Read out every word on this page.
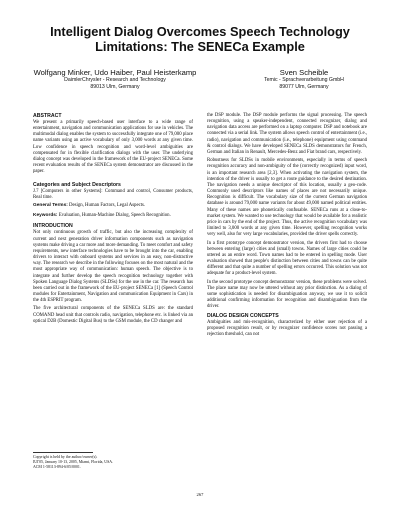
Intelligent Dialog Overcomes Speech Technology
Limitations: The SENECa Example
Wolfgang Minker, Udo Haiber, Paul Heisterkamp
DaimlerChrysler - Research and Technology
89013 Ulm, Germany
Sven Scheible
Temic - Sprachverarbeitung GmbH
89077 Ulm, Germany
ABSTRACT

We present a primarily speech-based user interface to a wide range of entertainment, navigation and communication applications for use in vehicles. The multimodal dialog enables the system to successfully integrate one of 79,000 place name variants using an active vocabulary of only 3,000 words at any given time. Low confidence in speech recognition and word-level ambiguities are compensated for in flexible clarification dialogs with the user. The underlying dialog concept was developed in the framework of the EU-project SENECa. Some recent evaluation results of the SENECa system demonstrator are discussed in the paper.

Categories and Subject Descriptors

J.7 [Computers in other Systems]: Command and control, Consumer products, Real time.

General Terms: Design, Human Factors, Legal Aspects.

Keywords: Evaluation, Human-Machine Dialog, Speech Recognition.

INTRODUCTION

Not only continuous growth of traffic, but also the increasing complexity of current and next generation driver information components such as navigation systems make driving a car more and more demanding. To meet comfort and safety requirements, new interface technologies have to be brought into the car, enabling drivers to interact with onboard systems and services in an easy, non-distractive way. The research we describe in the following focuses on the most natural and the most appropriate way of communication: human speech. The objective is to integrate and further develop the speech recognition technology together with Spoken Language Dialog Systems (SLDSs) for the use in the car. The research has been carried out in the framework of the EU-project SENECa [1] (Speech Control modules for Entertainment, Navigation and communication Equipment in Cars) in the 4th ESPRIT program.

The five architectural components of the SENECa SLDS are: the standard COMAND head unit that controls radio, navigation, telephone etc. is linked via an optical D2B (Domestic Digital Bus) to the GSM module, the CD changer and

the DSP module. The DSP module performs the signal processing. The speech recognition, using a speaker-independent, connected recognizer, dialog and navigation data access are performed on a laptop computer. DSP and notebook are connected via a serial link. The system allows speech control of entertainment (i.e., radio), navigation and communication (i.e., telephone) equipment using command & control dialogs. We have developed SENECa SLDS demonstrators for French, German and Italian in Renault, Mercedes-Benz and Fiat brand cars, respectively.

Robustness for SLDSs in mobile environments, especially in terms of speech recognition accuracy and non-ambiguity of the (correctly recognized) input word, is an important research area [2,3]. When activating the navigation system, the intention of the driver is usually to get a route guidance to the desired destination. The navigation needs a unique descriptor of this location, usually a geo-code. Commonly used descriptors like names of places are not necessarily unique. Recognition is difficult. The vocabulary size of the current German navigation database is around 79,000 name variants for about 49,000 named political entities. Many of these names are phonetically confusable. SENECa runs at a close-to-market system. We wanted to use technology that would be available for a realistic price in cars by the end of the project. Thus, the active recognition vocabulary was limited to 3,000 words at any given time. However, spelling recognition works very well, also for very large vocabularies, provided the driver spells correctly.

In a first prototype concept demonstrator version, the drivers first had to choose between entering (large) cities and (small) towns. Names of large cities could be uttered as an entire word. Town names had to be entered in spelling mode. User evaluation showed that people's distinction between cities and towns can be quite different and that quite a number of spelling errors occurred. This solution was not adequate for a product-level system.

In the second prototype concept demonstrator version, these problems were solved. The place name may now be uttered without any prior distinction. As a dialog of some sophistication is needed for disambiguation anyway, we use it to solicit additional confirming information for recognition and disambiguation from the driver.

DIALOG DESIGN CONCEPTS

Ambiguities and mis-recognition, characterized by either user rejection of a proposed recognition result, or by recognizer confidence scores not passing a rejection threshold, can not

Copyright is held by the author/owner(s).
IUI'05, January 10-13, 2005, Miami, Florida, USA.
ACM 1-58113-894-6/05/0001.
267
